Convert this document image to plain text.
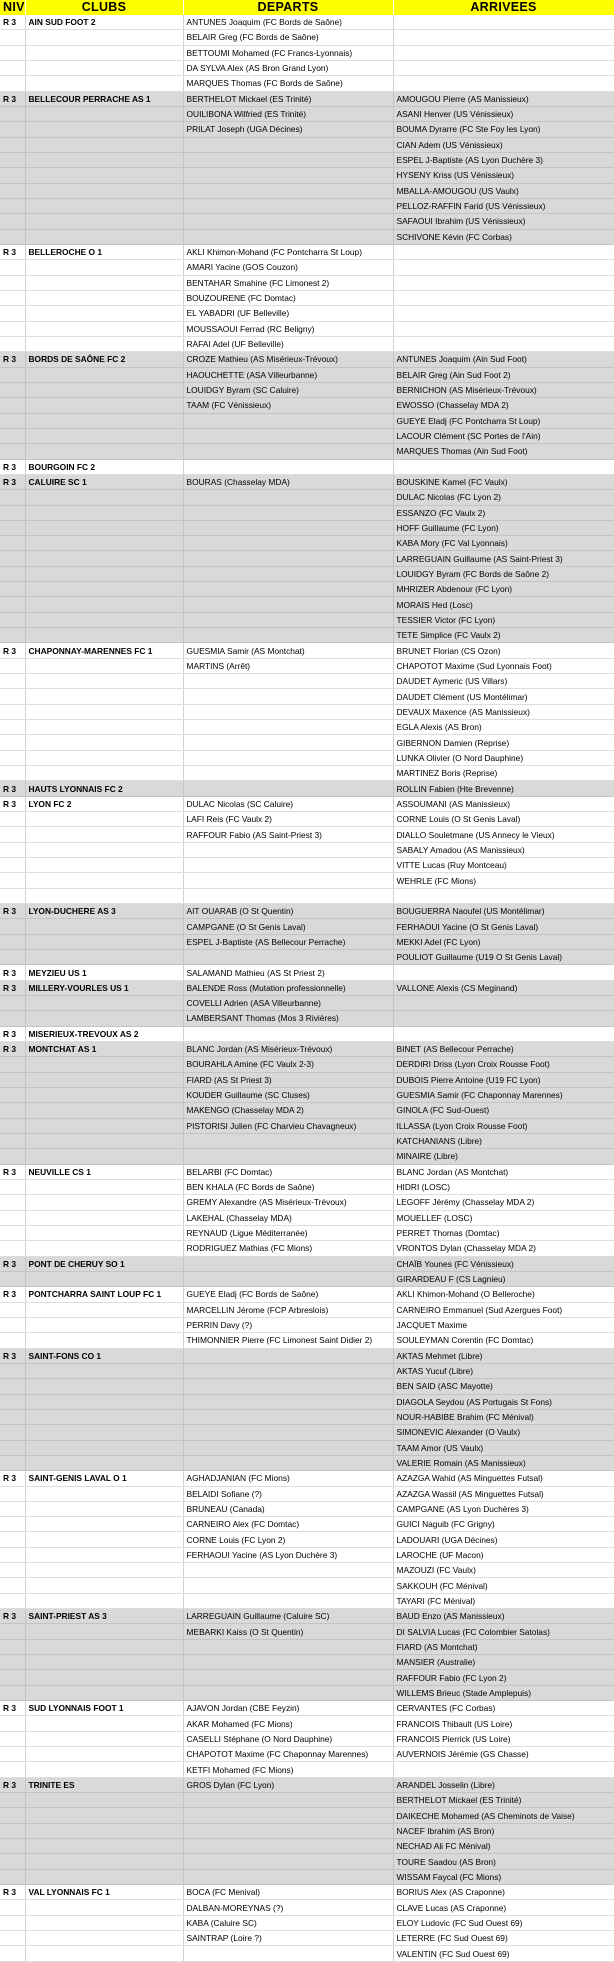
NIV	CLUBS	DEPARTS	ARRIVEES
R 3	AIN SUD FOOT 2	ANTUNES Joaquim (FC Bords de Saône)	
		BELAIR Greg (FC Bords de Saône)	
		BETTOUMI Mohamed (FC Francs-Lyonnais)	
		DA SYLVA Alex (AS Bron Grand Lyon)	
		MARQUES Thomas (FC Bords de Saône)	
R 3	BELLECOUR PERRACHE AS 1	BERTHELOT Mickael (ES Trinité)	AMOUGOU Pierre (AS Manissieux)
		OUILIBONA Wilfried (ES Trinité)	ASANI Henver (US Vénissieux)
		PRILAT Joseph (UGA Décines)	BOUMA Dyrarre (FC Ste Foy les Lyon)
			CIAN Adem (US Vénissieux)
			ESPEL J-Baptiste (AS Lyon Duchère 3)
			HYSENY Kriss (US Vénissieux)
			MBALLA-AMOUGOU (US Vaulx)
			PELLOZ-RAFFIN Farid (US Vénissieux)
			SAFAOUI Ibrahim (US Vénissieux)
			SCHIVONE Kévin (FC Corbas)
R 3	BELLEROCHE O 1	AKLI Khimon-Mohand (FC Pontcharra St Loup)	
		AMARI Yacine (GOS Couzon)	
		BENTAHAR Smahine (FC Limonest 2)	
		BOUZOURENE (FC Domtac)	
		EL YABADRI (UF Belleville)	
		MOUSSAOUI Ferrad (RC Beligny)	
		RAFAI Adel (UF Belleville)	
R 3	BORDS DE SAÔNE FC 2	CROZE Mathieu (AS Misérieux-Trévoux)	ANTUNES Joaquim (Ain Sud Foot)
		HAOUCHETTE (ASA Villeurbanne)	BELAIR Greg (Ain Sud Foot 2)
		LOUIDGY Byram (SC Caluire)	BERNICHON (AS Misérieux-Trévoux)
		TAAM (FC Vénissieux)	EWOSSO (Chasselay MDA 2)
			GUEYE Eladj (FC Pontcharra St Loup)
			LACOUR Clément (SC Portes de l'Ain)
			MARQUES Thomas (Ain Sud Foot)
R 3	BOURGOIN FC 2		
R 3	CALUIRE SC 1	BOURAS (Chasselay MDA)	BOUSKINE Kamel (FC Vaulx)
			DULAC Nicolas (FC Lyon 2)
			ESSANZO (FC Vaulx 2)
			HOFF Guillaume (FC Lyon)
			KABA Mory (FC Val Lyonnais)
			LARREGUAIN Guillaume (AS Saint-Priest 3)
			LOUIDGY Byram (FC Bords de Saône 2)
			MHRIZER Abdenour (FC Lyon)
			MORAIS Hed (Losc)
			TESSIER Victor (FC Lyon)
			TETE Simplice (FC Vaulx 2)
R 3	CHAPONNAY-MARENNES FC 1	GUESMIA Samir (AS Montchat)	BRUNET Florian (CS Ozon)
		MARTINS (Arrêt)	CHAPOTOT Maxime (Sud Lyonnais Foot)
			DAUDET Aymeric (US Villars)
			DAUDET Clément (US Montélimar)
			DEVAUX Maxence (AS Manissieux)
			EGLA Alexis (AS Bron)
			GIBERNON Damien (Reprise)
			LUNKA Olivier (O Nord Dauphine)
			MARTINEZ Boris (Reprise)
R 3	HAUTS LYONNAIS FC 2		ROLLIN Fabien (Hte Brevenne)
R 3	LYON FC 2	DULAC Nicolas (SC Caluire)	ASSOUMANI (AS Manissieux)
		LAFI Reis (FC Vaulx 2)	CORNE Louis (O St Genis Laval)
		RAFFOUR Fabio (AS Saint-Priest 3)	DIALLO Souletmane (US Annecy le Vieux)
			SABALY Amadou (AS Manissieux)
			VITTE Lucas (Ruy Montceau)
			WEHRLE (FC Mions)

R 3	LYON-DUCHERE AS 3	AIT OUARAB (O St Quentin)	BOUGUERRA Naoufel (US Montélimar)
		CAMPGANE (O St Genis Laval)	FERHAOUI Yacine (O St Genis Laval)
		ESPEL J-Baptiste (AS Bellecour Perrache)	MEKKI Adel (FC Lyon)
			POULIOT Guillaume (U19 O St Genis Laval)
R 3	MEYZIEU US 1	SALAMAND Mathieu (AS St Priest 2)	
R 3	MILLERY-VOURLES US 1	BALENDE Ross (Mutation professionnelle)	VALLONE Alexis (CS Meginand)
		COVELLI Adrien (ASA Villeurbanne)	
		LAMBERSANT Thomas (Mos 3 Rivières)	
R 3	MISERIEUX-TREVOUX AS 2		
R 3	MONTCHAT AS 1	BLANC Jordan (AS Misérieux-Trévoux)	BINET (AS Bellecour Perrache)
		BOURAHLA Amine (FC Vaulx 2-3)	DERDIRI Driss (Lyon Croix Rousse Foot)
		FIARD (AS St Priest 3)	DUBOIS Pierre Antoine (U19 FC Lyon)
		KOUDER Guillaume (SC Cluses)	GUESMIA Samir (FC Chaponnay Marennes)
		MAKENGO (Chasselay MDA 2)	GINOLA (FC Sud-Ouest)
		PISTORISI Julien (FC Charvieu Chavagneux)	ILLASSA (Lyon Croix Rousse Foot)
			KATCHANIANS (Libre)
			MINAIRE (Libre)
R 3	NEUVILLE CS 1	BELARBI (FC Domtac)	BLANC Jordan (AS Montchat)
		BEN KHALA (FC Bords de Saône)	HIDRI (LOSC)
		GREMY Alexandre (AS Misérieux-Trévoux)	LEGOFF Jérémy (Chasselay MDA 2)
		LAKEHAL (Chasselay MDA)	MOUELLEF (LOSC)
		REYNAUD (Ligue Méditerranée)	PERRET Thomas (Domtac)
		RODRIGUEZ Mathias (FC Mions)	VRONTOS Dylan (Chasselay MDA 2)
R 3	PONT DE CHERUY SO 1		CHAÏB Younes (FC Vénissieux)
			GIRARDEAU F (CS Lagnieu)
R 3	PONTCHARRA SAINT LOUP FC 1	GUEYE Eladj (FC Bords de Saône)	AKLI Khimon-Mohand (O Belleroche)
		MARCELLIN Jérome (FCP Arbreslois)	CARNEIRO Emmanuel (Sud Azergues Foot)
		PERRIN Davy (?)	JACQUET Maxime
		THIMONNIER Pierre (FC Limonest Saint Didier 2)	SOULEYMAN Corentin (FC Domtac)
R 3	SAINT-FONS CO 1		AKTAS Mehmet (Libre)
			AKTAS Yucuf (Libre)
			BEN SAID (ASC Mayotte)
			DIAGOLA Seydou (AS Portugais St Fons)
			NOUR-HABIBE Brahim (FC Ménival)
			SIMONEVIC Alexander (O Vaulx)
			TAAM Amor (US Vaulx)
			VALERIE Romain (AS Manissieux)
R 3	SAINT-GENIS LAVAL O 1	AGHADJANIAN (FC Mions)	AZAZGA Wahid (AS Minguettes Futsal)
		BELAIDI Sofiane (?)	AZAZGA Wassil (AS Minguettes Futsal)
		BRUNEAU (Canada)	CAMPGANE (AS Lyon Duchères 3)
		CARNEIRO Alex (FC Domtac)	GUICI Naguib (FC Grigny)
		CORNE Louis (FC Lyon 2)	LADOUARI (UGA Décines)
		FERHAOUI Yacine (AS Lyon Duchère 3)	LAROCHE (UF Macon)
			MAZOUZI (FC Vaulx)
			SAKKOUH (FC Ménival)
			TAYARI (FC Ménival)
R 3	SAINT-PRIEST AS 3	LARREGUAIN Guillaume (Caluire SC)	BAUD Enzo (AS Manissieux)
		MEBARKI Kaiss (O St Quentin)	DI SALVIA Lucas (FC Colombier Satolas)
			FIARD (AS Montchat)
			MANSIER (Australie)
			RAFFOUR Fabio (FC Lyon 2)
			WILLEMS Brieuc (Stade Amplepuis)
R 3	SUD LYONNAIS FOOT 1	AJAVON Jordan (CBE Feyzin)	CERVANTES (FC Corbas)
		AKAR Mohamed (FC Mions)	FRANCOIS Thibault (US Loire)
		CASELLI Stéphane (O Nord Dauphine)	FRANCOIS Pierrick (US Loire)
		CHAPOTOT Maxime (FC Chaponnay Marennes)	AUVERNOIS Jérémie (GS Chasse)
		KETFI Mohamed (FC Mions)	
R 3	TRINITE ES	GROS Dylan (FC Lyon)	ARANDEL Josselin (Libre)
			BERTHELOT Mickael (ES Trinité)
			DAIKECHE Mohamed (AS Cheminots de Vaise)
			NACEF Ibrahim (AS Bron)
			NECHAD Ali FC Ménival)
			TOURE Saadou (AS Bron)
			WISSAM Faycal (FC Mions)
R 3	VAL LYONNAIS FC 1	BOCA (FC Menival)	BORIUS Alex (AS Craponne)
		DALBAN-MOREYNAS (?)	CLAVE Lucas (AS Craponne)
		KABA (Caluire SC)	ELOY Ludovic (FC Sud Ouest 69)
		SAINTRAP (Loire ?)	LETERRE (FC Sud Ouest 69)
			VALENTIN (FC Sud Ouest 69)
